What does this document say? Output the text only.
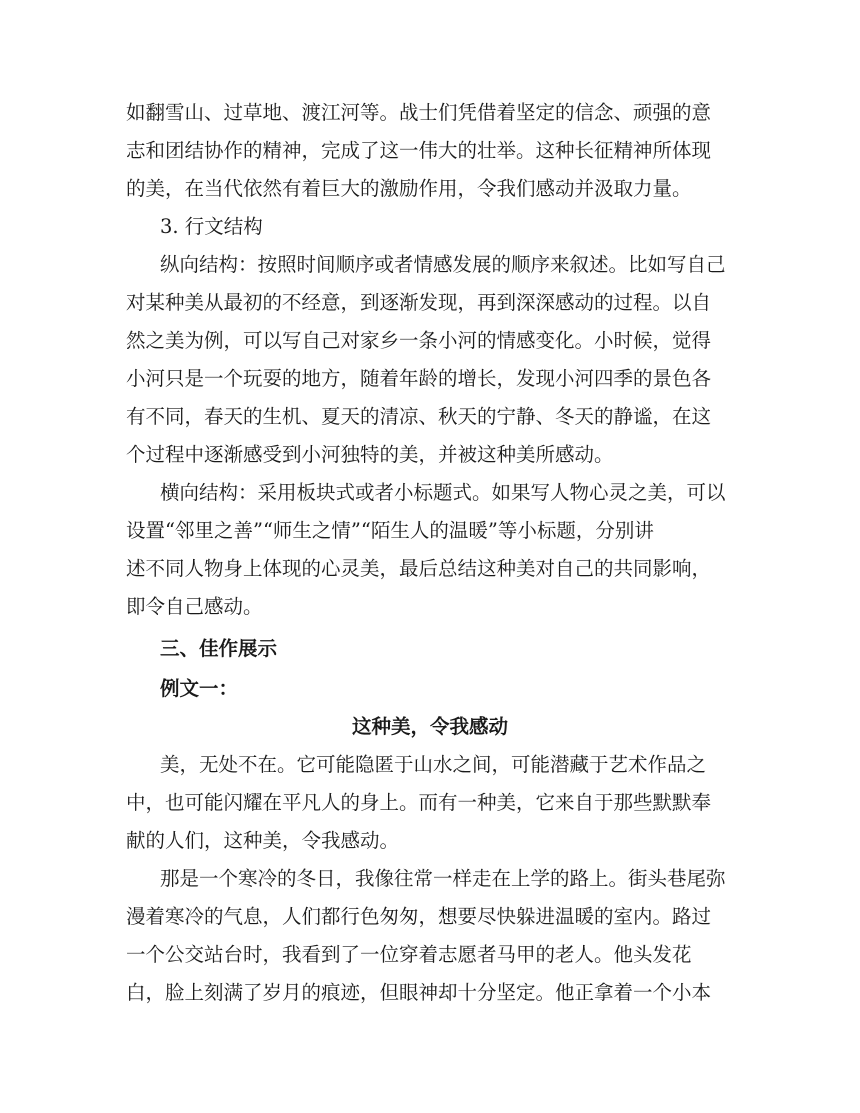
如翻雪山、过草地、渡江河等。战士们凭借着坚定的信念、顽强的意
志和团结协作的精神，完成了这一伟大的壮举。这种长征精神所体现
的美，在当代依然有着巨大的激励作用，令我们感动并汲取力量。
3. 行文结构
纵向结构：按照时间顺序或者情感发展的顺序来叙述。比如写自己
对某种美从最初的不经意，到逐渐发现，再到深深感动的过程。以自
然之美为例，可以写自己对家乡一条小河的情感变化。小时候，觉得
小河只是一个玩耍的地方，随着年龄的增长，发现小河四季的景色各
有不同，春天的生机、夏天的清凉、秋天的宁静、冬天的静谧，在这
个过程中逐渐感受到小河独特的美，并被这种美所感动。
横向结构：采用板块式或者小标题式。如果写人物心灵之美，可以
设置“邻里之善”“师生之情”“陌生人的温暖”等小标题，分别讲
述不同人物身上体现的心灵美，最后总结这种美对自己的共同影响，
即令自己感动。
三、佳作展示
例文一：
这种美，令我感动
美，无处不在。它可能隐匿于山水之间，可能潜藏于艺术作品之
中，也可能闪耀在平凡人的身上。而有一种美，它来自于那些默默奉
献的人们，这种美，令我感动。
那是一个寒冷的冬日，我像往常一样走在上学的路上。街头巷尾弥
漫着寒冷的气息，人们都行色匆匆，想要尽快躲进温暖的室内。路过
一个公交站台时，我看到了一位穿着志愿者马甲的老人。他头发花
白，脸上刻满了岁月的痕迹，但眼神却十分坚定。他正拿着一个小本
